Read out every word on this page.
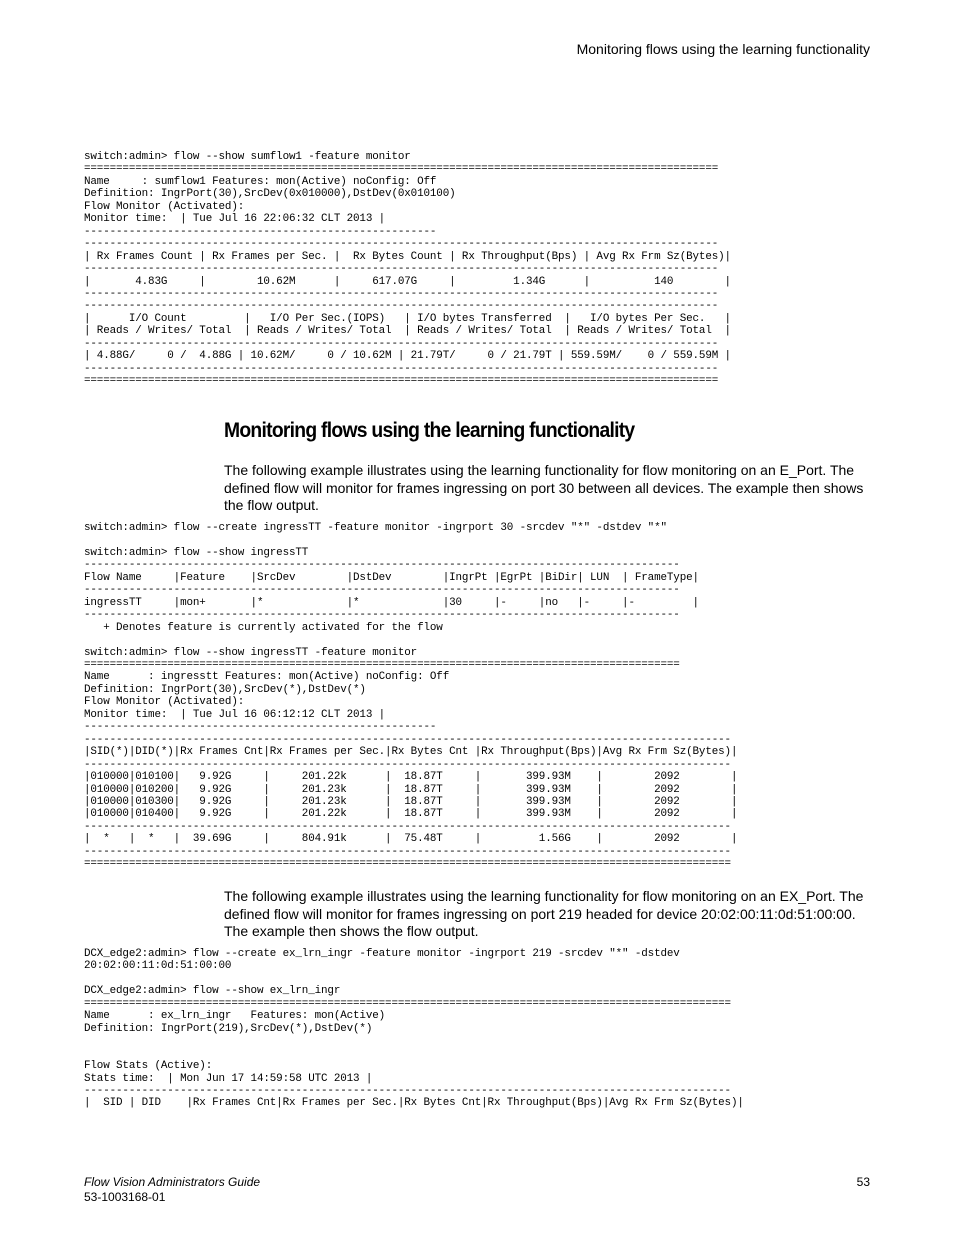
Monitoring flows using the learning functionality
switch:admin> flow --show sumflow1 -feature monitor
===================================================================================================
Name     : sumflow1 Features: mon(Active) noConfig: Off
Definition: IngrPort(30),SrcDev(0x010000),DstDev(0x010100)
Flow Monitor (Activated):
Monitor time:  | Tue Jul 16 22:06:32 CLT 2013 |
-------------------------------------------------------
---------------------------------------------------------------------------------------------------
| Rx Frames Count | Rx Frames per Sec. |  Rx Bytes Count | Rx Throughput(Bps) | Avg Rx Frm Sz(Bytes)|
---------------------------------------------------------------------------------------------------
|       4.83G     |        10.62M      |     617.07G     |         1.34G      |          140        |
---------------------------------------------------------------------------------------------------
---------------------------------------------------------------------------------------------------
|      I/O Count         |   I/O Per Sec.(IOPS)   | I/O bytes Transferred  |   I/O bytes Per Sec.   |
| Reads / Writes/ Total  | Reads / Writes/ Total  | Reads / Writes/ Total  | Reads / Writes/ Total  |
---------------------------------------------------------------------------------------------------
| 4.88G/     0 /  4.88G | 10.62M/     0 / 10.62M | 21.79T/     0 / 21.79T | 559.59M/    0 / 559.59M |
---------------------------------------------------------------------------------------------------
===================================================================================================
Monitoring flows using the learning functionality

The following example illustrates using the learning functionality for flow monitoring on an E_Port. The defined flow will monitor for frames ingressing on port 30 between all devices. The example then shows the flow output.

switch:admin> flow --create ingressTT -feature monitor -ingrport 30 -srcdev "*" -dstdev "*"

switch:admin> flow --show ingressTT
---------------------------------------------------------------------------------------------
Flow Name     |Feature    |SrcDev        |DstDev        |IngrPt |EgrPt |BiDir| LUN  | FrameType|
---------------------------------------------------------------------------------------------
ingressTT     |mon+       |*             |*             |30     |-     |no   |-     |-         |
---------------------------------------------------------------------------------------------
+ Denotes feature is currently activated for the flow

switch:admin> flow --show ingressTT -feature monitor
=============================================================================================
Name      : ingresstt Features: mon(Active) noConfig: Off
Definition: IngrPort(30),SrcDev(*),DstDev(*)
Flow Monitor (Activated):
Monitor time:  | Tue Jul 16 06:12:12 CLT 2013 |
-------------------------------------------------------
-----------------------------------------------------------------------------------------------------
|SID(*)|DID(*)|Rx Frames Cnt|Rx Frames per Sec.|Rx Bytes Cnt |Rx Throughput(Bps)|Avg Rx Frm Sz(Bytes)|
-----------------------------------------------------------------------------------------------------
|010000|010100|   9.92G     |     201.22k      |  18.87T     |       399.93M    |        2092        |
|010000|010200|   9.92G     |     201.23k      |  18.87T     |       399.93M    |        2092        |
|010000|010300|   9.92G     |     201.23k      |  18.87T     |       399.93M    |        2092        |
|010000|010400|   9.92G     |     201.22k      |  18.87T     |       399.93M    |        2092        |
-----------------------------------------------------------------------------------------------------
|  *   |  *   |  39.69G     |     804.91k      |  75.48T     |         1.56G    |        2092        |
-----------------------------------------------------------------------------------------------------
=====================================================================================================

The following example illustrates using the learning functionality for flow monitoring on an EX_Port. The defined flow will monitor for frames ingressing on port 219 headed for device 20:02:00:11:0d:51:00:00. The example then shows the flow output.

DCX_edge2:admin> flow --create ex_lrn_ingr -feature monitor -ingrport 219 -srcdev "*" -dstdev
20:02:00:11:0d:51:00:00

DCX_edge2:admin> flow --show ex_lrn_ingr
=====================================================================================================
Name      : ex_lrn_ingr   Features: mon(Active)
Definition: IngrPort(219),SrcDev(*),DstDev(*)

Flow Stats (Active):
Stats time:  | Mon Jun 17 14:59:58 UTC 2013 |
-----------------------------------------------------------------------------------------------------
|  SID | DID    |Rx Frames Cnt|Rx Frames per Sec.|Rx Bytes Cnt|Rx Throughput(Bps)|Avg Rx Frm Sz(Bytes)|
Flow Vision Administrators Guide
53-1003168-01
53
